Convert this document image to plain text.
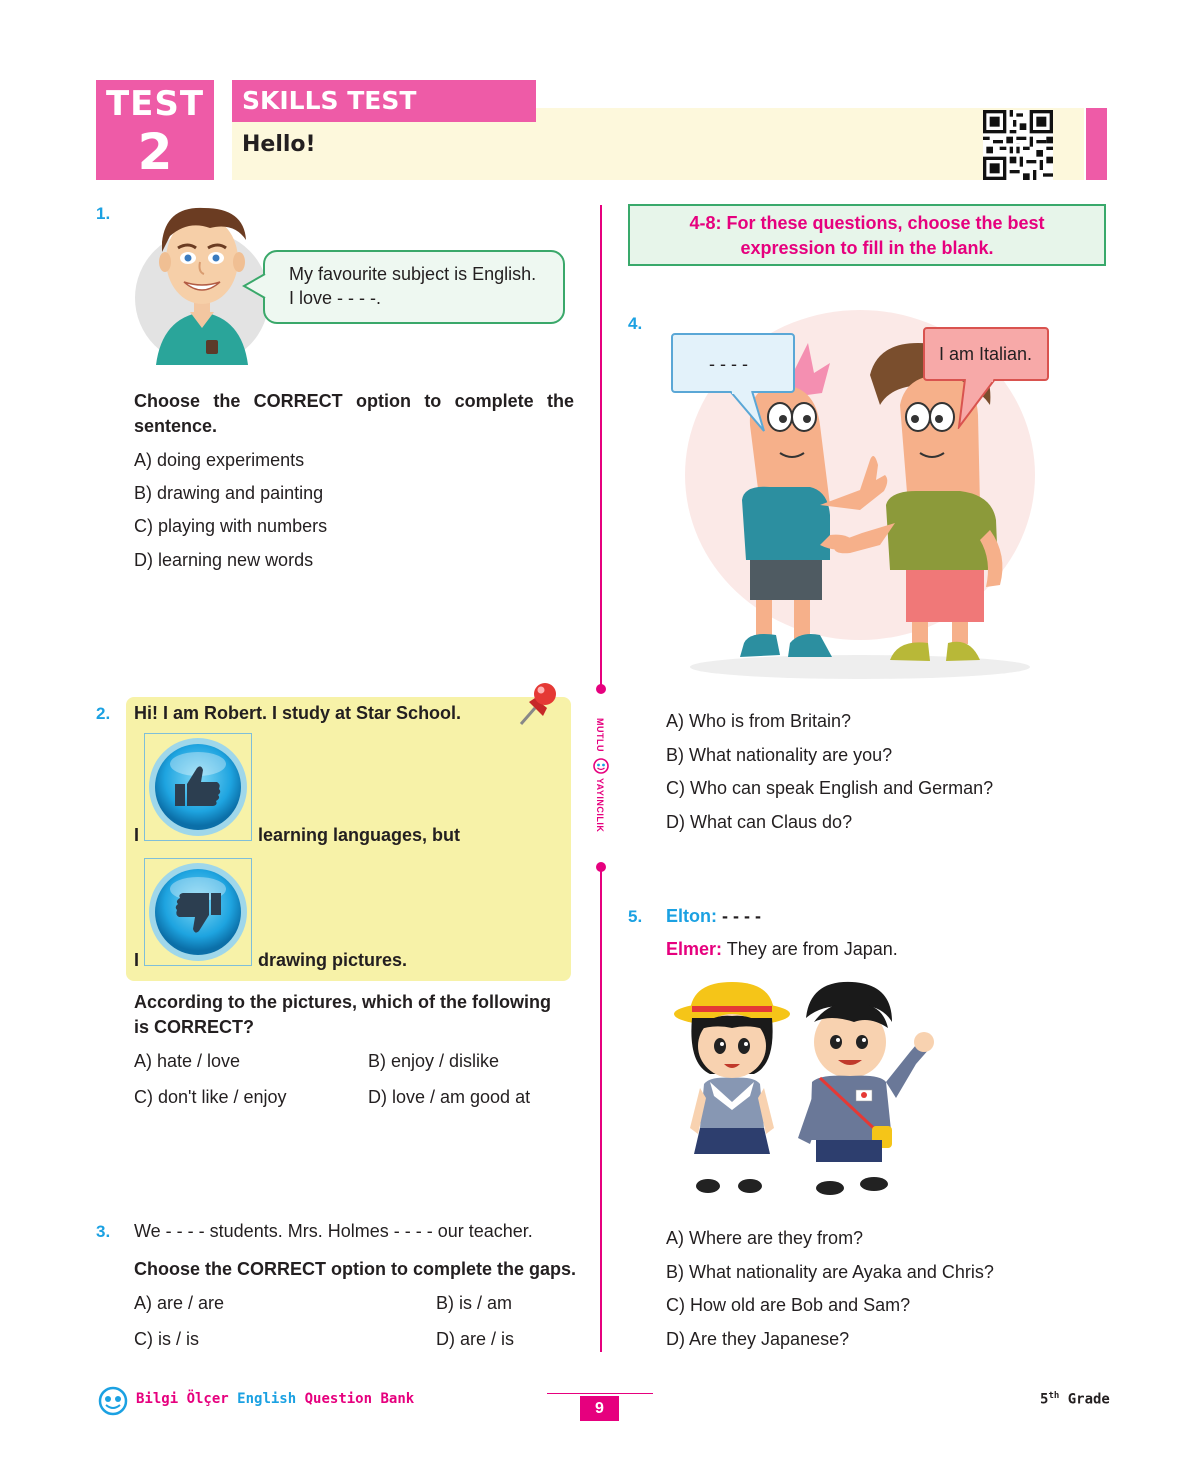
TEST
2
SKILLS TEST
Hello!
MUTLU
YAYINCILIK
1.
My favourite subject is English.
I love - - - -.
Choose the CORRECT option to complete the
sentence.
A) doing experiments
B) drawing and painting
C) playing with numbers
D) learning new words
2. Hi! I am Robert. I study at Star School.
I	learning languages, but
I	drawing pictures.
According to the pictures, which of the following
is CORRECT?
A) hate / love	B) enjoy / dislike
C) don't like / enjoy	D) love / am good at
3. We - - - - students. Mrs. Holmes - - - - our teacher.
Choose the CORRECT option to complete the gaps.
A) are / are	B) is / am
C) is / is	D) are / is
4-8: For these questions, choose the best
expression to fill in the blank.
4.
- - - -	I am Italian.
A) Who is from Britain?
B) What nationality are you?
C) Who can speak English and German?
D) What can Claus do?
5. Elton: - - - -
Elmer: They are from Japan.
A) Where are they from?
B) What nationality are Ayaka and Chris?
C) How old are Bob and Sam?
D) Are they Japanese?
Bilgi Ölçer English Question Bank
9
5th Grade
